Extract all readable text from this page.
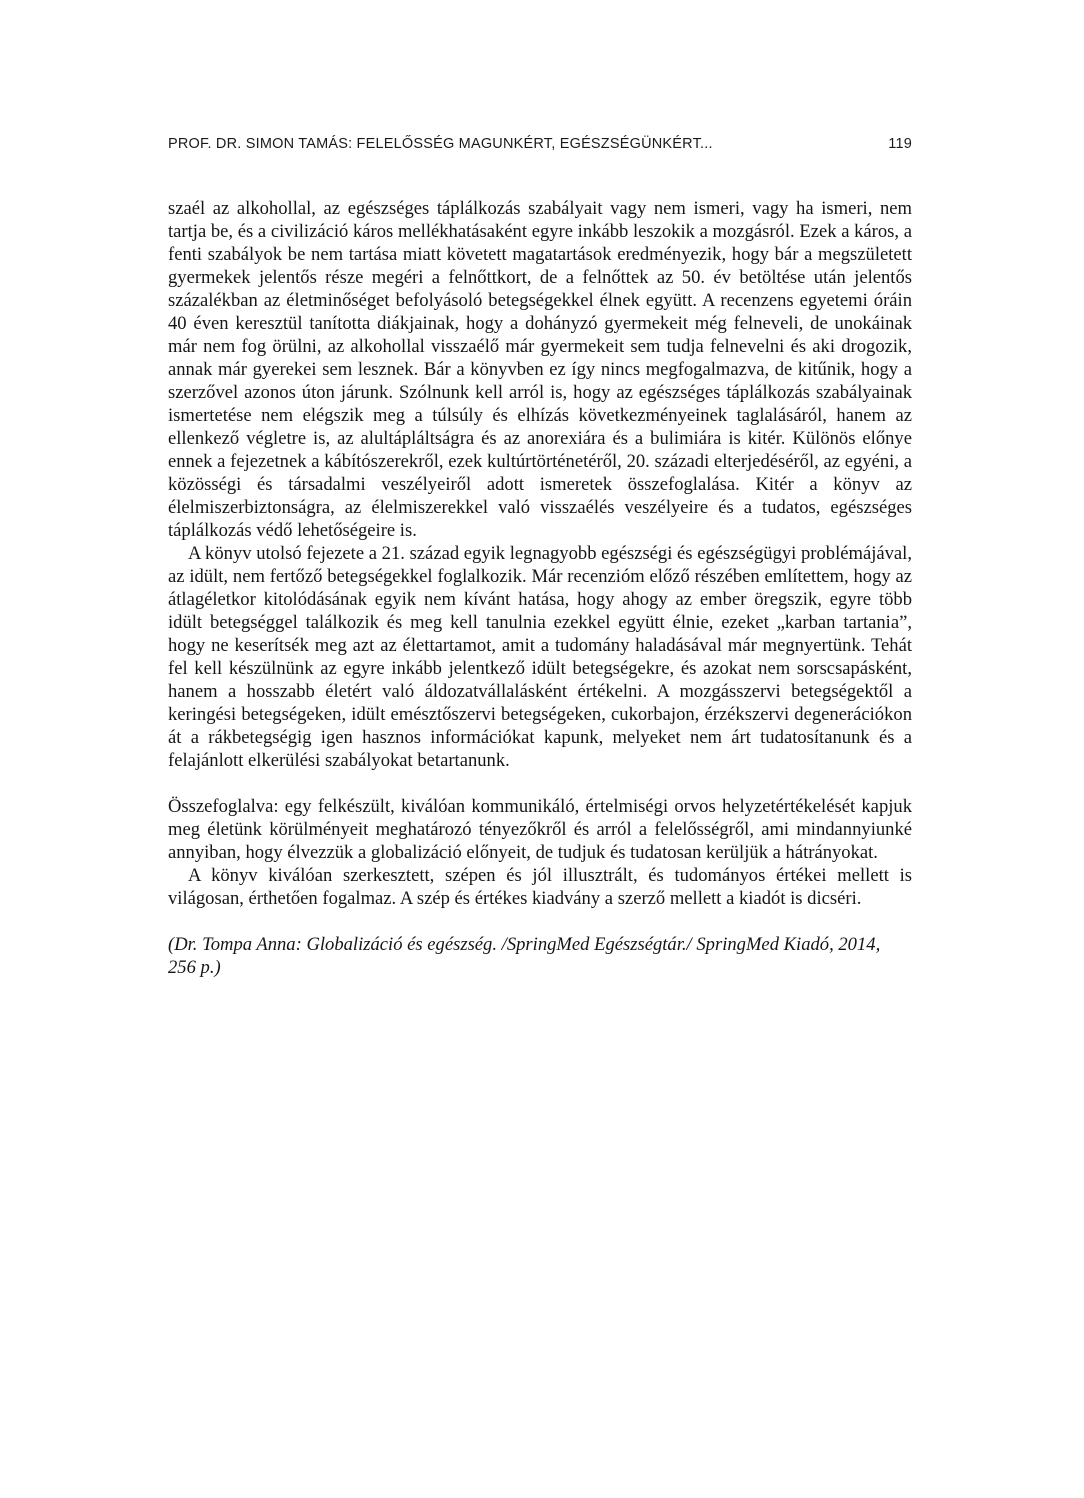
PROF. DR. SIMON TAMÁS: FELELŐSSÉG MAGUNKÉRT, EGÉSZSÉGÜNKÉRT...	119

szaél az alkohollal, az egészséges táplálkozás szabályait vagy nem ismeri, vagy ha ismeri, nem tartja be, és a civilizáció káros mellékhatásaként egyre inkább leszokik a mozgásról. Ezek a káros, a fenti szabályok be nem tartása miatt követett magatartások eredményezik, hogy bár a megszületett gyermekek jelentős része megéri a felnőttkort, de a felnőttek az 50. év betöltése után jelentős százalékban az életminőséget befolyásoló betegségekkel élnek együtt. A recenzens egyetemi óráin 40 éven keresztül tanította diákjainak, hogy a dohányzó gyermekeit még felneveli, de unokáinak már nem fog örülni, az alkohollal visszaélő már gyermekeit sem tudja felnevelni és aki drogozik, annak már gyerekei sem lesznek. Bár a könyvben ez így nincs megfogalmazva, de kitűnik, hogy a szerzővel azonos úton járunk. Szólnunk kell arról is, hogy az egészséges táplálkozás szabályainak ismertetése nem elégszik meg a túlsúly és elhízás következményeinek taglalásáról, hanem az ellenkező végletre is, az alultápláltságra és az anorexiára és a bulimiára is kitér. Különös előnye ennek a fejezetnek a kábítószerekről, ezek kultúrtörténetéről, 20. századi elterjedéséről, az egyéni, a közösségi és társadalmi veszélyeiről adott ismeretek összefoglalása. Kitér a könyv az élelmiszerbiztonságra, az élelmiszerekkel való visszaélés veszélyeire és a tudatos, egészséges táplálkozás védő lehetőségeire is.

A könyv utolsó fejezete a 21. század egyik legnagyobb egészségi és egészségügyi problémájával, az idült, nem fertőző betegségekkel foglalkozik. Már recenzióm előző részében említettem, hogy az átlagéletkor kitolódásának egyik nem kívánt hatása, hogy ahogy az ember öregszik, egyre több idült betegséggel találkozik és meg kell tanulnia ezekkel együtt élnie, ezeket „karban tartania”, hogy ne keserítsék meg azt az élettartamot, amit a tudomány haladásával már megnyertünk. Tehát fel kell készülnünk az egyre inkább jelentkező idült betegségekre, és azokat nem sorscsapásként, hanem a hosszabb életért való áldozatvállalásként értékelni. A mozgásszervi betegségektől a keringési betegségeken, idült emésztőszervi betegségeken, cukorbajon, érzékszervi degenerációkon át a rákbetegségig igen hasznos információkat kapunk, melyeket nem árt tudatosítanunk és a felajánlott elkerülési szabályokat betartanunk.

Összefoglalva: egy felkészült, kiválóan kommunikáló, értelmiségi orvos helyzetértékelését kapjuk meg életünk körülményeit meghatározó tényezőkről és arról a felelősségről, ami mindannyiunké annyiban, hogy élvezzük a globalizáció előnyeit, de tudjuk és tudatosan kerüljük a hátrányokat.

A könyv kiválóan szerkesztett, szépen és jól illusztrált, és tudományos értékei mellett is világosan, érthetően fogalmaz. A szép és értékes kiadvány a szerző mellett a kiadót is dicséri.

(Dr. Tompa Anna: Globalizáció és egészség. /SpringMed Egészségtár./ SpringMed Kiadó, 2014, 256 p.)
